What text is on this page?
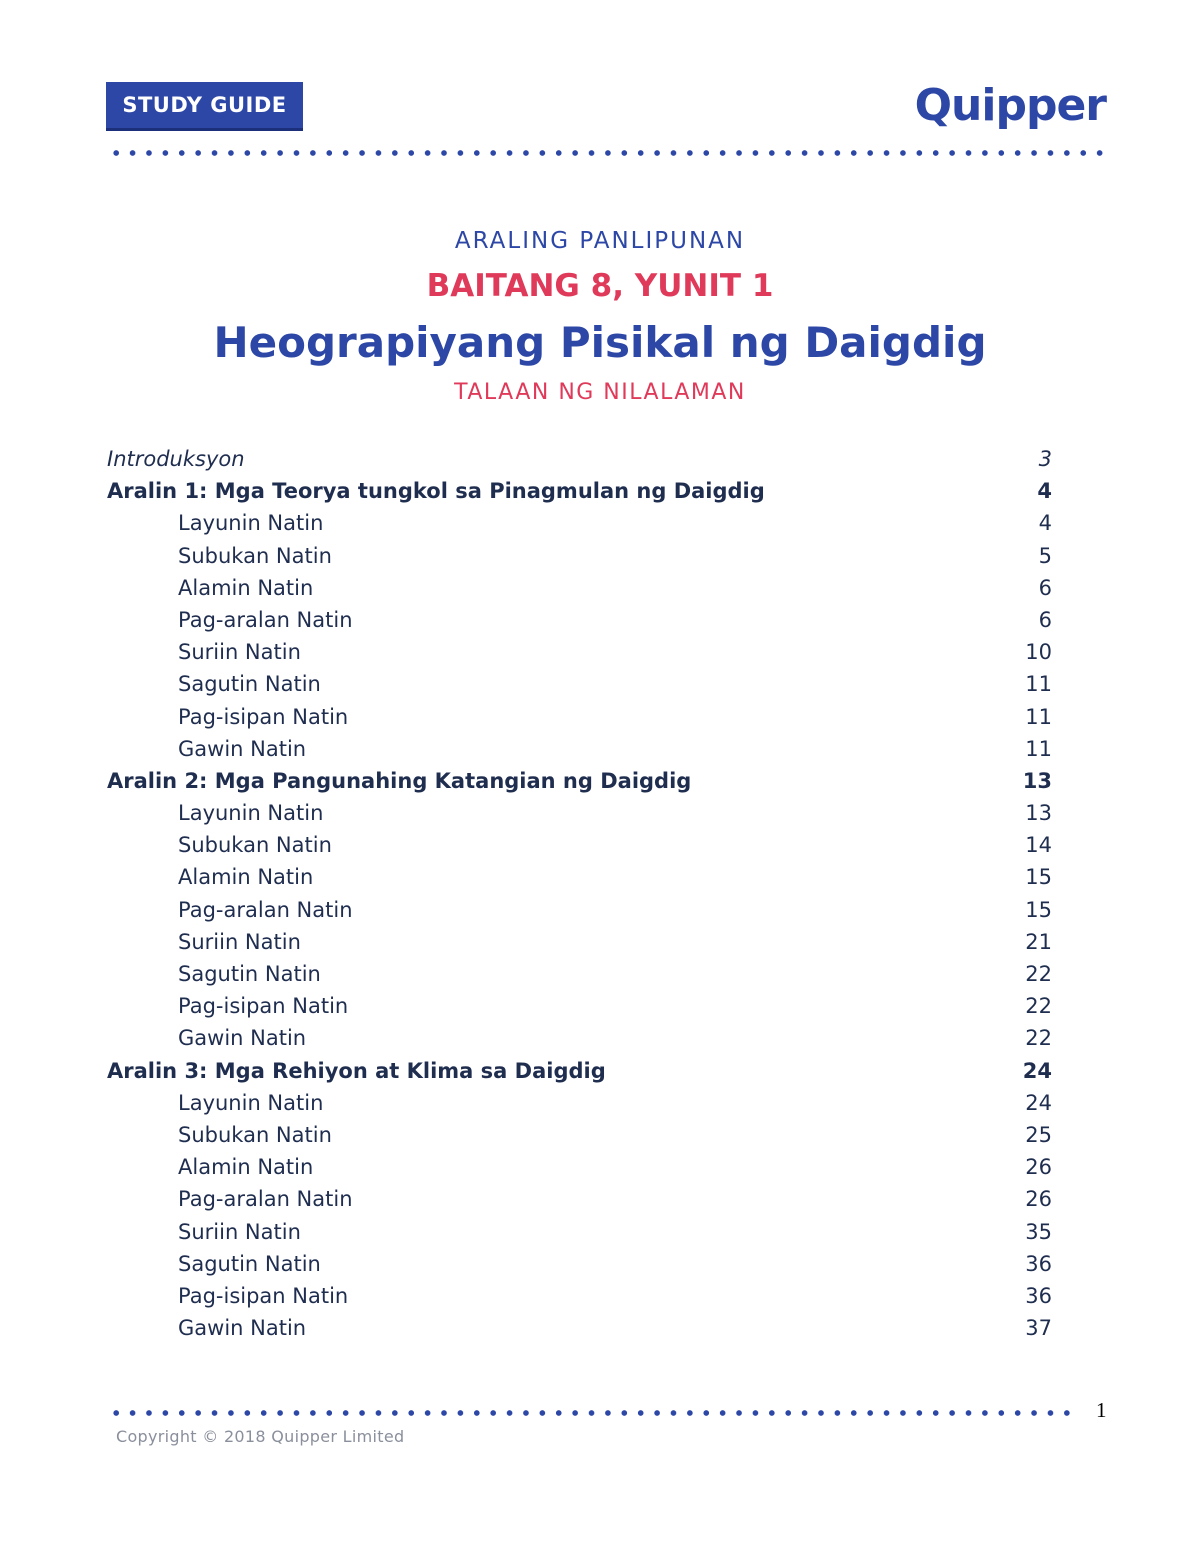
STUDY GUIDE	Quipper
ARALING PANLIPUNAN
BAITANG 8, YUNIT 1
Heograpiyang Pisikal ng Daigdig
TALAAN NG NILALAMAN
Introduksyon	3
Aralin 1: Mga Teorya tungkol sa Pinagmulan ng Daigdig	4
Layunin Natin	4
Subukan Natin	5
Alamin Natin	6
Pag-aralan Natin	6
Suriin Natin	10
Sagutin Natin	11
Pag-isipan Natin	11
Gawin Natin	11
Aralin 2: Mga Pangunahing Katangian ng Daigdig	13
Layunin Natin	13
Subukan Natin	14
Alamin Natin	15
Pag-aralan Natin	15
Suriin Natin	21
Sagutin Natin	22
Pag-isipan Natin	22
Gawin Natin	22
Aralin 3: Mga Rehiyon at Klima sa Daigdig	24
Layunin Natin	24
Subukan Natin	25
Alamin Natin	26
Pag-aralan Natin	26
Suriin Natin	35
Sagutin Natin	36
Pag-isipan Natin	36
Gawin Natin	37
1
Copyright © 2018 Quipper Limited
